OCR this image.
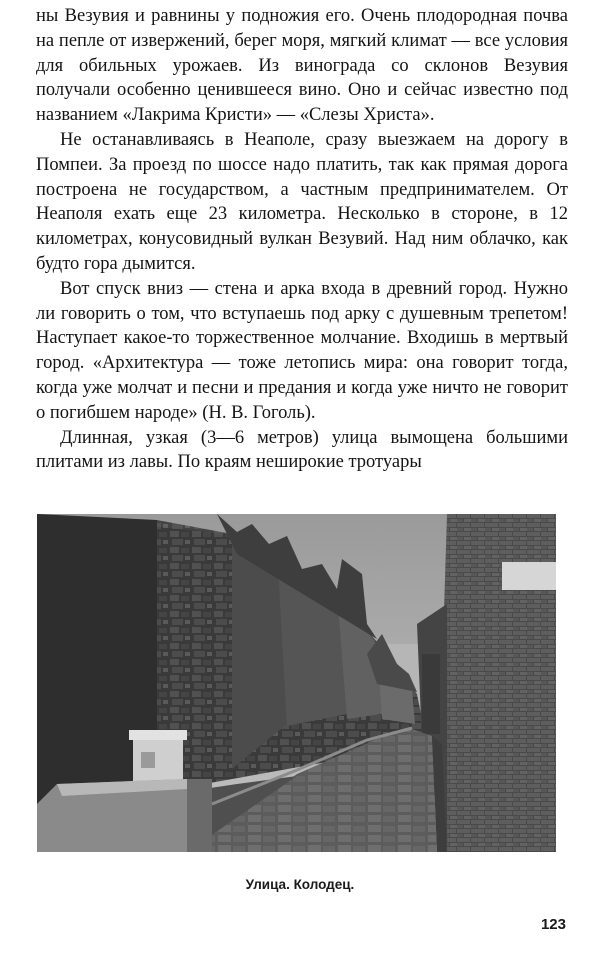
ны Везувия и равнины у подножия его. Очень плодородная почва на пепле от извержений, берег моря, мягкий климат — все условия для обильных урожаев. Из винограда со склонов Везувия получали особенно ценившееся вино. Оно и сейчас известно под названием «Лакрима Кристи» — «Слезы Христа».

Не останавливаясь в Неаполе, сразу выезжаем на дорогу в Помпеи. За проезд по шоссе надо платить, так как прямая дорога построена не государством, а частным предпринимателем. От Неаполя ехать еще 23 километра. Несколько в стороне, в 12 километрах, конусовидный вулкан Везувий. Над ним облачко, как будто гора дымится.

Вот спуск вниз — стена и арка входа в древний город. Нужно ли говорить о том, что вступаешь под арку с душевным трепетом! Наступает какое-то торжественное молчание. Входишь в мертвый город. «Архитектура — тоже летопись мира: она говорит тогда, когда уже молчат и песни и предания и когда уже ничто не говорит о погибшем народе» (Н. В. Гоголь).

Длинная, узкая (3—6 метров) улица вымощена большими плитами из лавы. По краям неширокие тротуары

Улица. Колодец.
123
